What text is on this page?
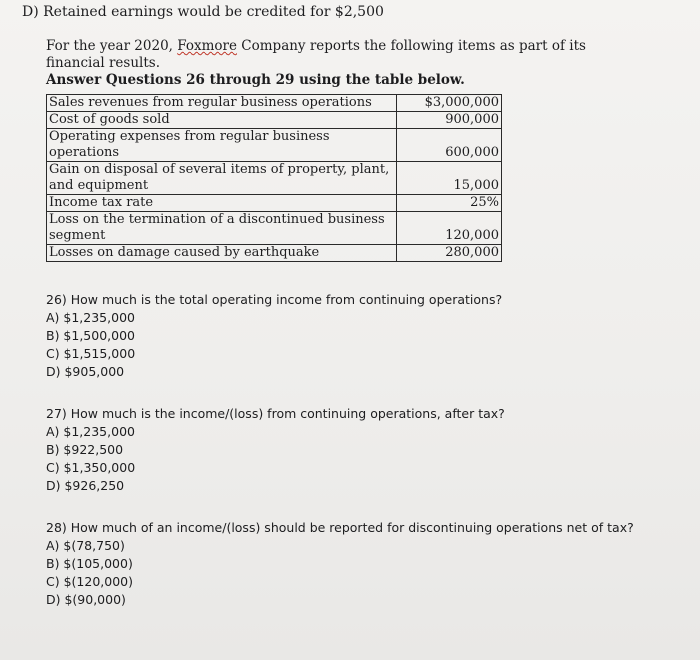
D) Retained earnings would be credited for $2,500
For the year 2020, Foxmore Company reports the following items as part of its financial results.
Answer Questions 26 through 29 using the table below.
Sales revenues from regular business operations	$3,000,000
Cost of goods sold	900,000
Operating expenses from regular business operations	600,000
Gain on disposal of several items of property, plant, and equipment	15,000
Income tax rate	25%
Loss on the termination of a discontinued business segment	120,000
Losses on damage caused by earthquake	280,000
26) How much is the total operating income from continuing operations?
A) $1,235,000
B) $1,500,000
C) $1,515,000
D) $905,000
27) How much is the income/(loss) from continuing operations, after tax?
A) $1,235,000
B) $922,500
C) $1,350,000
D) $926,250
28) How much of an income/(loss) should be reported for discontinuing operations net of tax?
A) $(78,750)
B) $(105,000)
C) $(120,000)
D) $(90,000)
